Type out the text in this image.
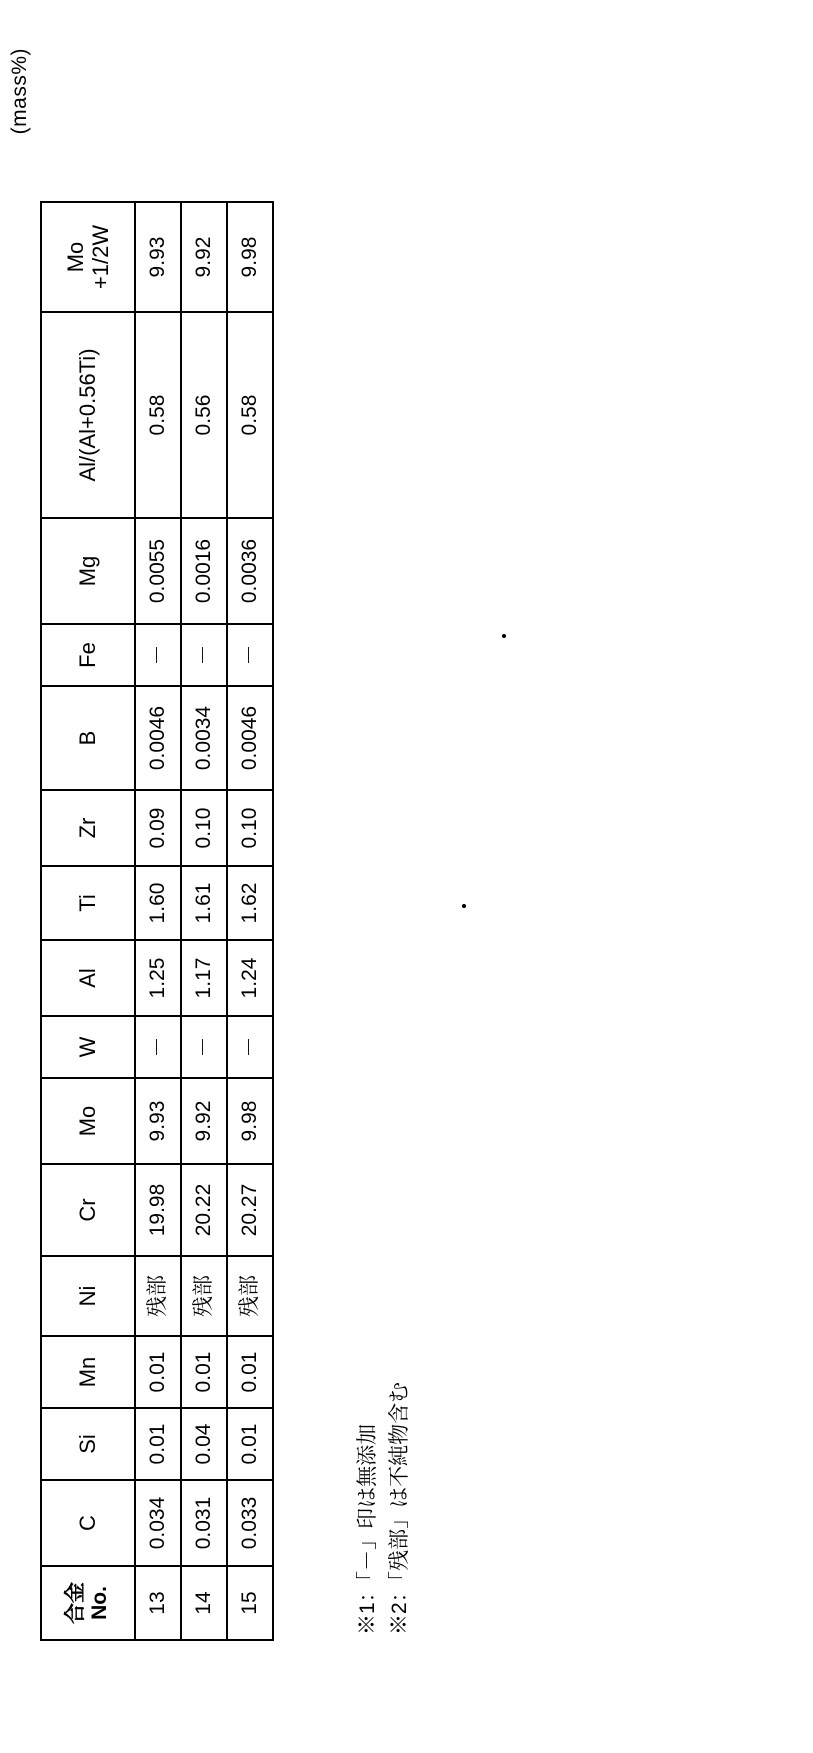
(mass%)
合金 No.	C	Si	Mn	Ni	Cr	Mo	W	Al	Ti	Zr	B	Fe	Mg	Al/(Al+0.56Ti)	Mo +1/2W

13	0.034	0.01	0.01	残部	19.98	9.93	－	1.25	1.60	0.09	0.0046	－	0.0055	0.58	9.93
14	0.031	0.04	0.01	残部	20.22	9.92	－	1.17	1.61	0.10	0.0034	－	0.0016	0.56	9.92
15	0.033	0.01	0.01	残部	20.27	9.98	－	1.24	1.62	0.10	0.0046	－	0.0036	0.58	9.98
※1：「－」印は無添加 ※2：「残部」は不純物含む
